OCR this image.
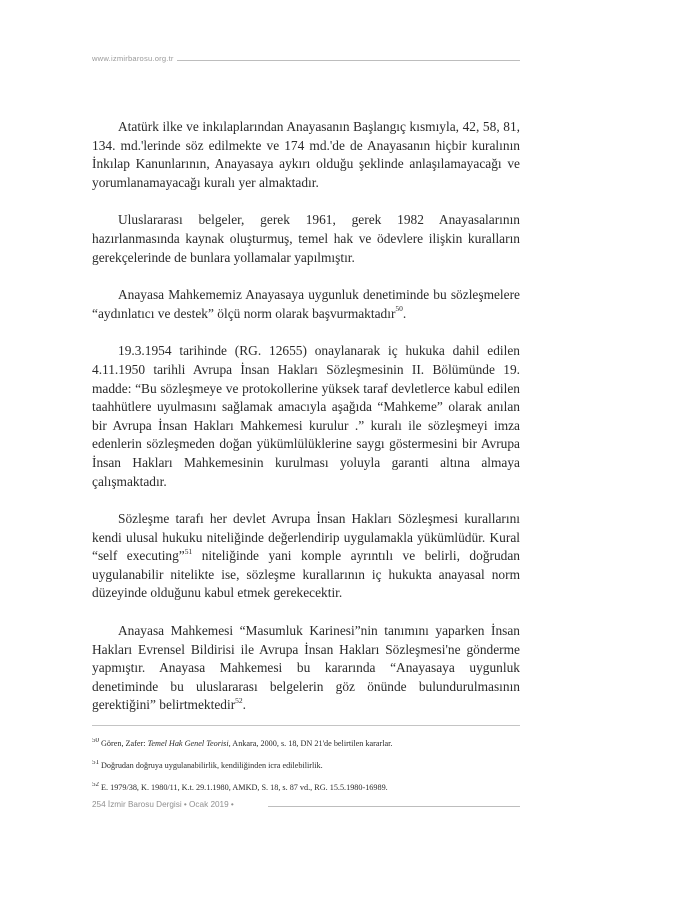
www.izmirbarosu.org.tr

Atatürk ilke ve inkılaplarından Anayasanın Başlangıç kısmıyla, 42, 58, 81, 134. md.'lerinde söz edilmekte ve 174 md.'de de Anayasanın hiçbir kuralının İnkılap Kanunlarının, Anayasaya aykırı olduğu şeklinde anlaşılamayacağı ve yorumlanamayacağı kuralı yer almaktadır.

Uluslararası belgeler, gerek 1961, gerek 1982 Anayasalarının hazırlanmasında kaynak oluşturmuş, temel hak ve ödevlere ilişkin kuralların gerekçelerinde de bunlara yollamalar yapılmıştır.

Anayasa Mahkememiz Anayasaya uygunluk denetiminde bu sözleşmelere “aydınlatıcı ve destek” ölçü norm olarak başvurmaktadır$^{50}$.

19.3.1954 tarihinde (RG. 12655) onaylanarak iç hukuka dahil edilen 4.11.1950 tarihli Avrupa İnsan Hakları Sözleşmesinin II. Bölümünde 19. madde: “Bu sözleşmeye ve protokollerine yüksek taraf devletlerce kabul edilen taahhütlere uyulmasını sağlamak amacıyla aşağıda “Mahkeme” olarak anılan bir Avrupa İnsan Hakları Mahkemesi kurulur .” kuralı ile sözleşmeyi imza edenlerin sözleşmeden doğan yükümlülüklerine saygı göstermesini bir Avrupa İnsan Hakları Mahkemesinin kurulması yoluyla garanti altına almaya çalışmaktadır.

Sözleşme tarafı her devlet Avrupa İnsan Hakları Sözleşmesi kurallarını kendi ulusal hukuku niteliğinde değerlendirip uygulamakla yükümlüdür. Kural “self executing”$^{51}$ niteliğinde yani komple ayrıntılı ve belirli, doğrudan uygulanabilir nitelikte ise, sözleşme kurallarının iç hukukta anayasal norm düzeyinde olduğunu kabul etmek gerekecektir.

Anayasa Mahkemesi “Masumluk Karinesi”nin tanımını yaparken İnsan Hakları Evrensel Bildirisi ile Avrupa İnsan Hakları Sözleşmesi'ne gönderme yapmıştır. Anayasa Mahkemesi bu kararında “Anayasaya uygunluk denetiminde bu uluslararası belgelerin göz önünde bulundurulmasının gerektiğini” belirtmektedir$^{52}$.

$^{50}$ Gören, Zafer: Temel Hak Genel Teorisi, Ankara, 2000, s. 18, DN 21'de belirtilen kararlar.

$^{51}$ Doğrudan doğruya uygulanabilirlik, kendiliğinden icra edilebilirlik.

$^{52}$ E. 1979/38, K. 1980/11, K.t. 29.1.1980, AMKD, S. 18, s. 87 vd., RG. 15.5.1980-16989.

254 İzmir Barosu Dergisi • Ocak 2019 •
